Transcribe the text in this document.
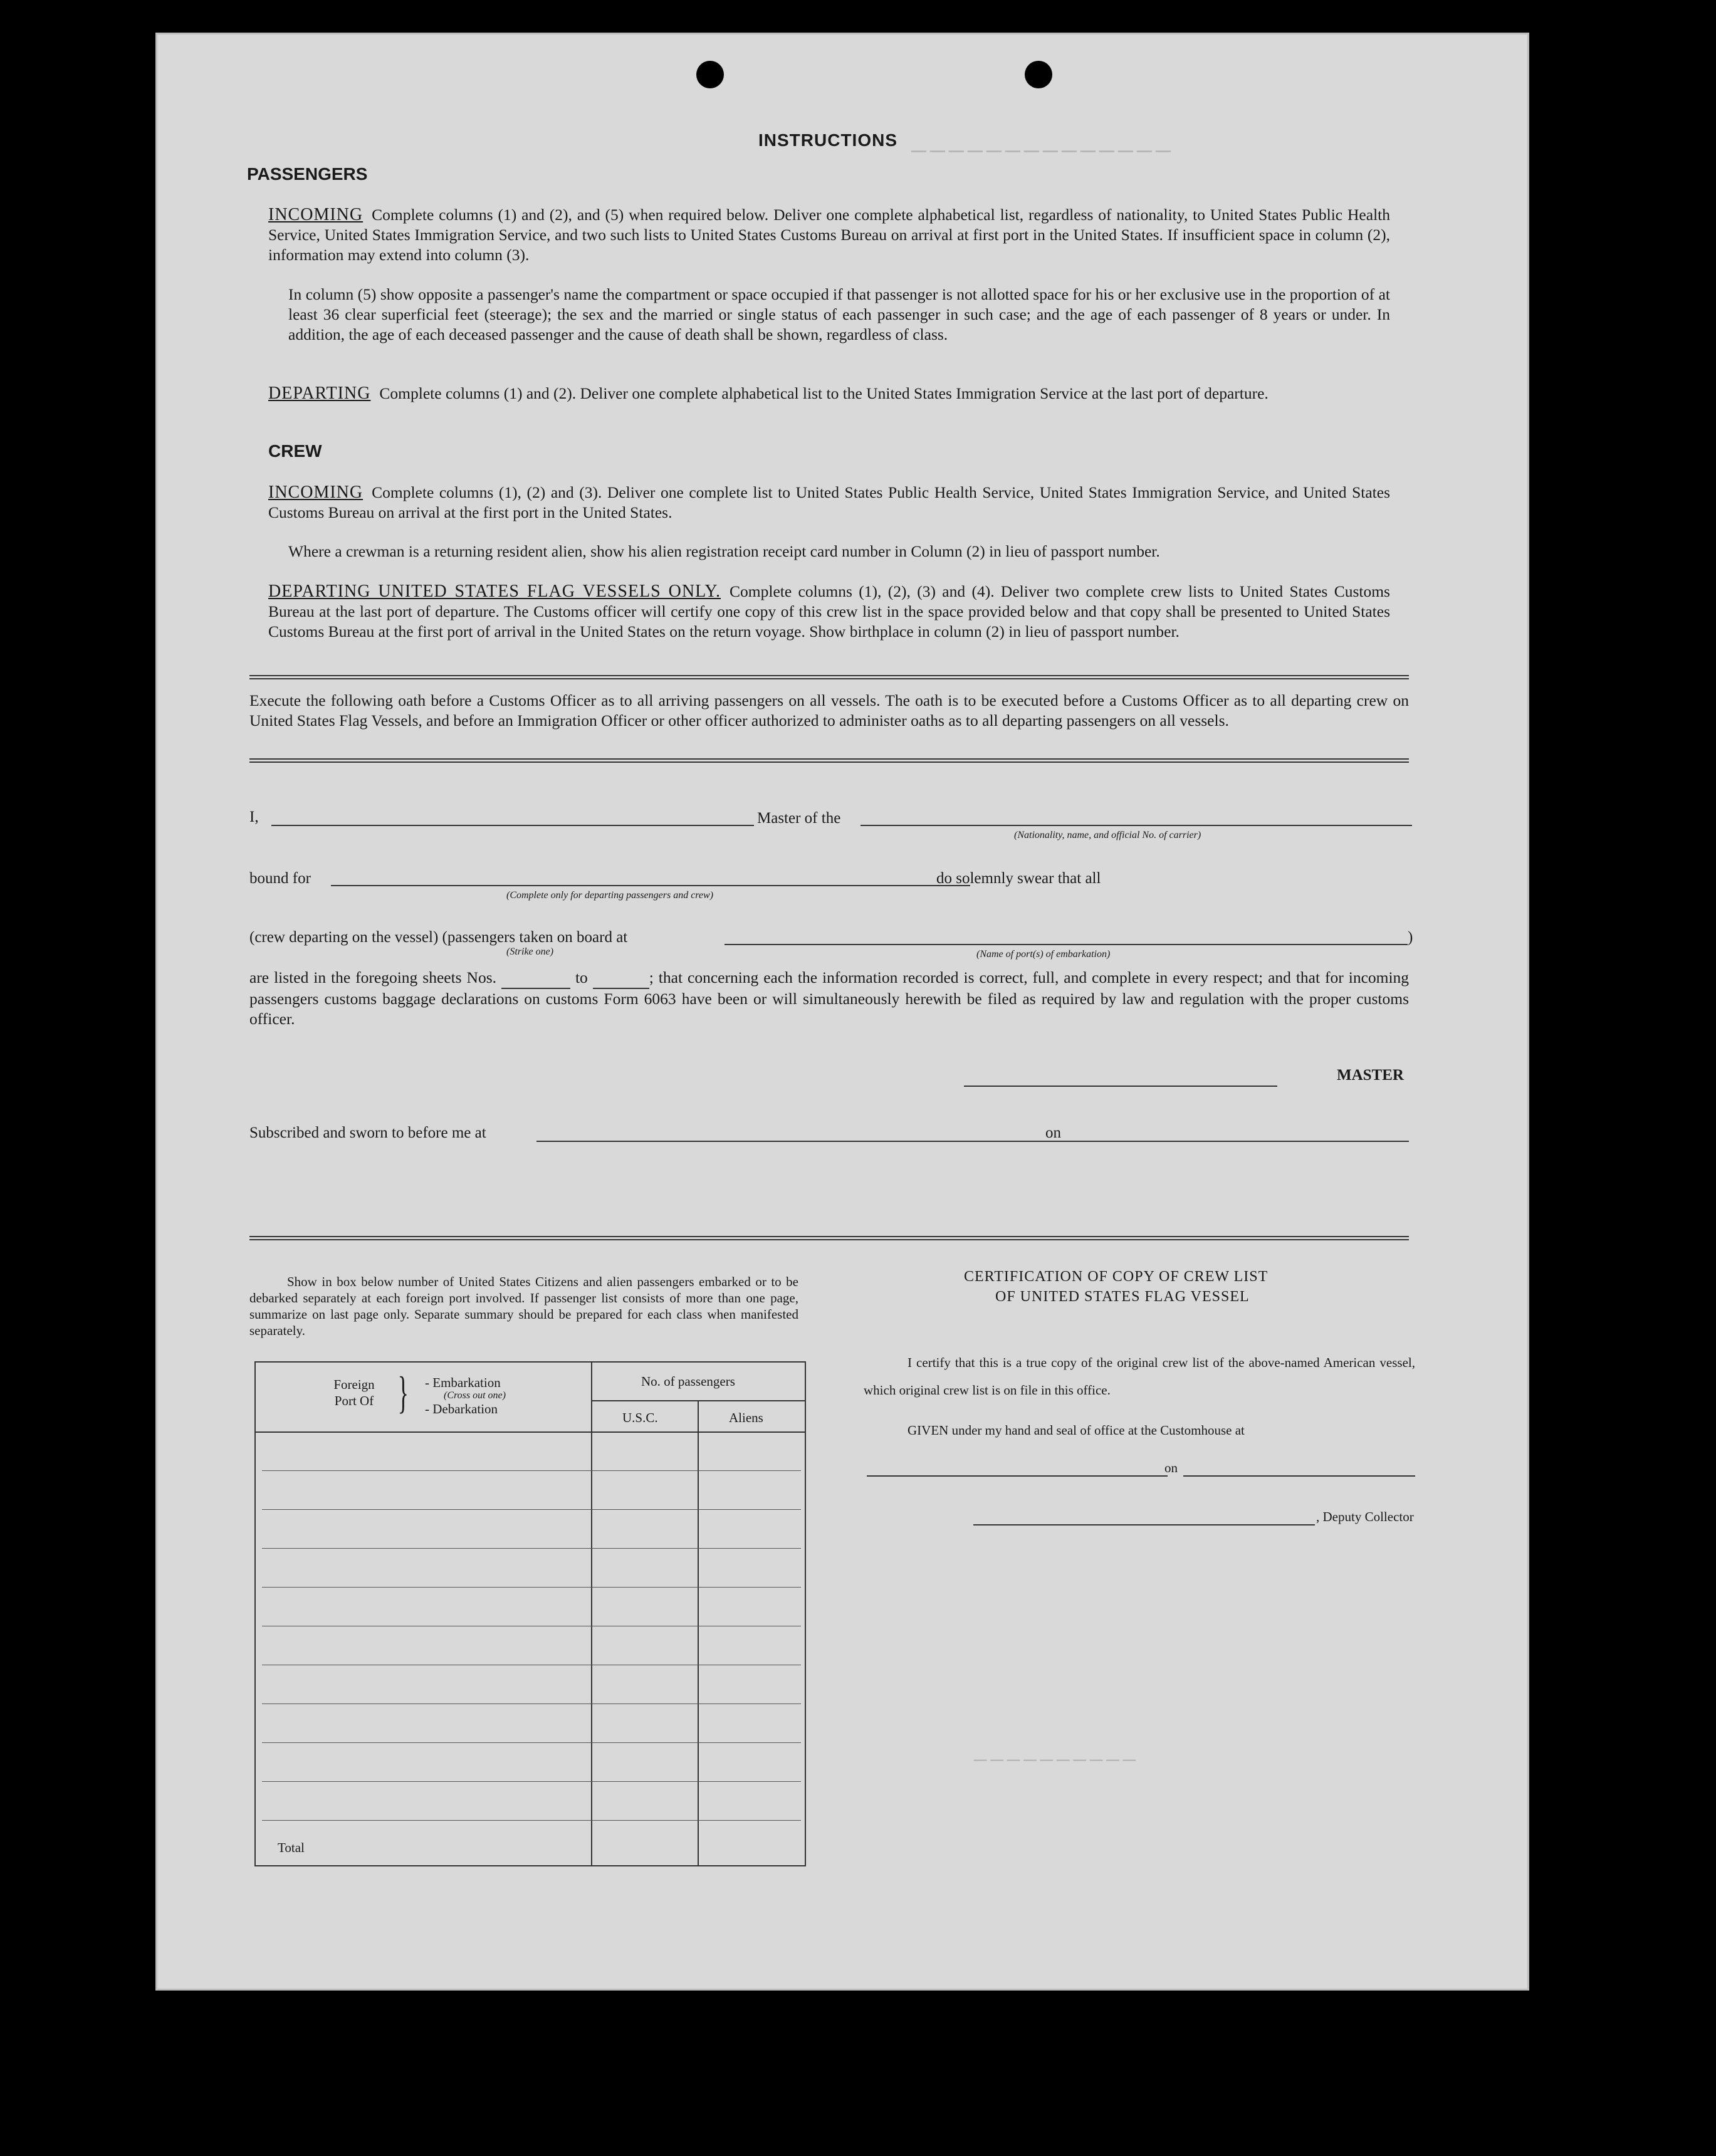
──────────────
──────────
INSTRUCTIONS
PASSENGERS
INCOMING Complete columns (1) and (2), and (5) when required below. Deliver one complete alphabetical list, regardless of nationality, to United States Public Health Service, United States Immigration Service, and two such lists to United States Customs Bureau on arrival at first port in the United States. If insufficient space in column (2), information may extend into column (3).
In column (5) show opposite a passenger's name the compartment or space occupied if that passenger is not allotted space for his or her exclusive use in the proportion of at least 36 clear superficial feet (steerage); the sex and the married or single status of each passenger in such case; and the age of each passenger of 8 years or under. In addition, the age of each deceased passenger and the cause of death shall be shown, regardless of class.
DEPARTING Complete columns (1) and (2). Deliver one complete alphabetical list to the United States Immigration Service at the last port of departure.
CREW
INCOMING Complete columns (1), (2) and (3). Deliver one complete list to United States Public Health Service, United States Immigration Service, and United States Customs Bureau on arrival at the first port in the United States.
Where a crewman is a returning resident alien, show his alien registration receipt card number in Column (2) in lieu of passport number.
DEPARTING UNITED STATES FLAG VESSELS ONLY. Complete columns (1), (2), (3) and (4). Deliver two complete crew lists to United States Customs Bureau at the last port of departure. The Customs officer will certify one copy of this crew list in the space provided below and that copy shall be presented to United States Customs Bureau at the first port of arrival in the United States on the return voyage. Show birthplace in column (2) in lieu of passport number.
Execute the following oath before a Customs Officer as to all arriving passengers on all vessels. The oath is to be executed before a Customs Officer as to all departing crew on United States Flag Vessels, and before an Immigration Officer or other officer authorized to administer oaths as to all departing passengers on all vessels.
I,	Master of the
(Nationality, name, and official No. of carrier)
bound for
(Complete only for departing passengers and crew)
do solemnly swear that all
(crew departing on the vessel) (passengers taken on board at
(Strike one)	(Name of port(s) of embarkation)
)
are listed in the foregoing sheets Nos.	to	; that concerning each the information recorded is correct, full, and complete in every respect; and that for incoming passengers customs baggage declarations on customs Form 6063 have been or will simultaneously herewith be filed as required by law and regulation with the proper customs officer.
MASTER
Subscribed and sworn to before me at	on
Show in box below number of United States Citizens and alien passengers embarked or to be debarked separately at each foreign port involved. If passenger list consists of more than one page, summarize on last page only. Separate summary should be prepared for each class when manifested separately.
Foreign Port Of } - Embarkation
(Cross out one)
- Debarkation
No. of passengers
U.S.C.	Aliens
Total
CERTIFICATION OF COPY OF CREW LIST
OF UNITED STATES FLAG VESSEL
I certify that this is a true copy of the original crew list of the above-named American vessel, which original crew list is on file in this office.
GIVEN under my hand and seal of office at the Customhouse at
on
, Deputy Collector
